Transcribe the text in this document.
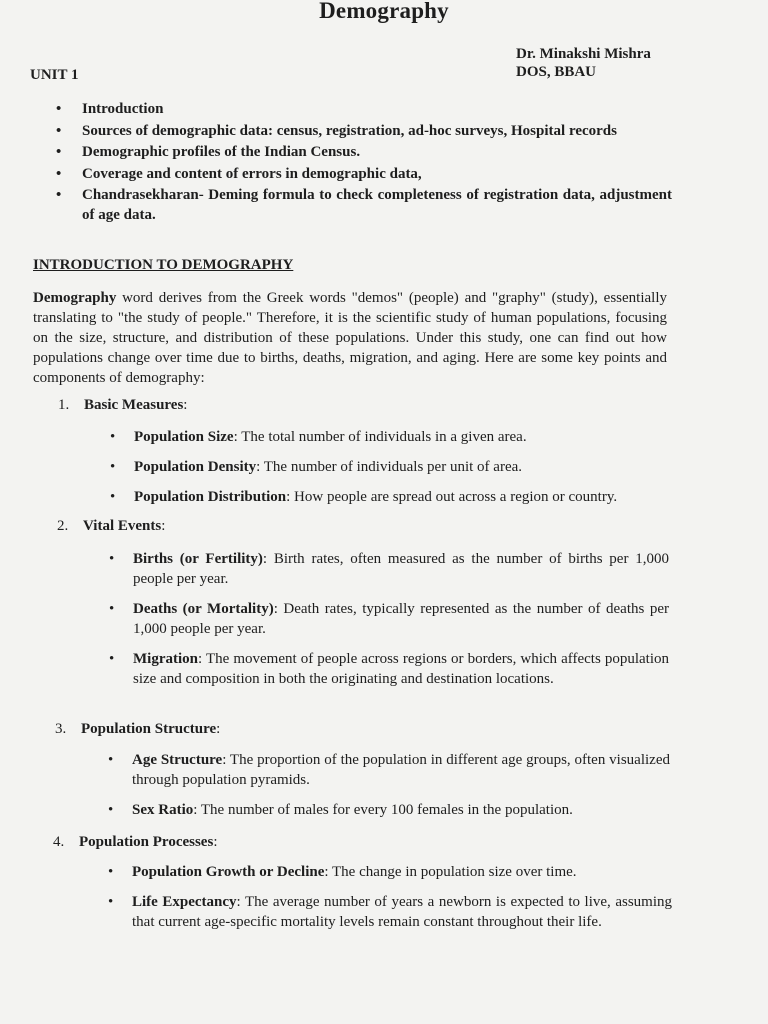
Demography
Dr. Minakshi Mishra
DOS, BBAU
UNIT 1
• Introduction
• Sources of demographic data: census, registration, ad-hoc surveys, Hospital records
• Demographic profiles of the Indian Census.
• Coverage and content of errors in demographic data,
• Chandrasekharan- Deming formula to check completeness of registration data, adjustment of age data.
INTRODUCTION TO DEMOGRAPHY

Demography word derives from the Greek words "demos" (people) and "graphy" (study), essentially translating to "the study of people." Therefore, it is the scientific study of human populations, focusing on the size, structure, and distribution of these populations. Under this study, one can find out how populations change over time due to births, deaths, migration, and aging. Here are some key points and components of demography:

1. Basic Measures :
• Population Size: The total number of individuals in a given area.
• Population Density: The number of individuals per unit of area.
• Population Distribution: How people are spread out across a region or country.
2. Vital Events :
• Births (or Fertility): Birth rates, often measured as the number of births per 1,000 people per year.
• Deaths (or Mortality): Death rates, typically represented as the number of deaths per 1,000 people per year.
• Migration: The movement of people across regions or borders, which affects population size and composition in both the originating and destination locations.
3. Population Structure :
• Age Structure: The proportion of the population in different age groups, often visualized through population pyramids.
• Sex Ratio: The number of males for every 100 females in the population.
4. Population Processes :
• Population Growth or Decline: The change in population size over time.
• Life Expectancy: The average number of years a newborn is expected to live, assuming that current age-specific mortality levels remain constant throughout their life.
